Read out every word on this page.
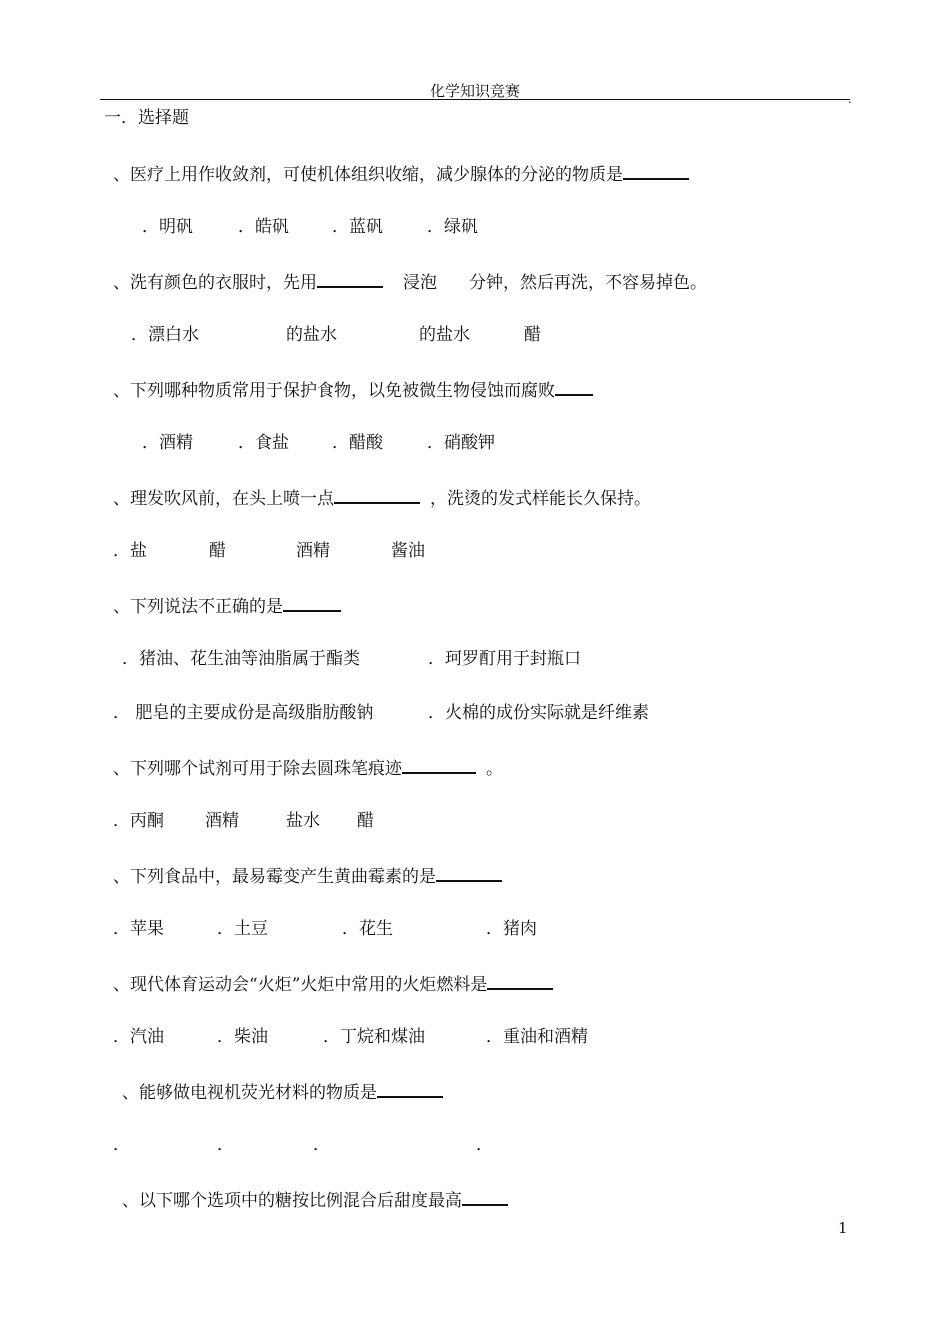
化学知识竞赛	.
一．选择题
、医疗上用作收敛剂，可使机体组织收缩，减少腺体的分泌的物质是
．明矾	．皓矾	．蓝矾	．绿矾
、洗有颜色的衣服时，先用	浸泡 分钟，然后再洗，不容易掉色。
．漂白水	的盐水	的盐水	醋
、下列哪种物质常用于保护食物，以免被微生物侵蚀而腐败
．酒精	．食盐	．醋酸	．硝酸钾
、理发吹风前，在头上喷一点	，洗烫的发式样能长久保持。
．盐	醋	酒精	酱油
、下列说法不正确的是
．猪油、花生油等油脂属于酯类	．珂罗酊用于封瓶口
． 肥皂的主要成份是高级脂肪酸钠	．火棉的成份实际就是纤维素
、下列哪个试剂可用于除去圆珠笔痕迹	。
．丙酮 酒精	盐水 醋
、下列食品中，最易霉变产生黄曲霉素的是
．苹果	．土豆	．花生	．猪肉
、现代体育运动会“火炬”火炬中常用的火炬燃料是
．汽油	．柴油	．丁烷和煤油	．重油和酒精
、能够做电视机荧光材料的物质是
．	．	．	．
、以下哪个选项中的糖按比例混合后甜度最高
1
